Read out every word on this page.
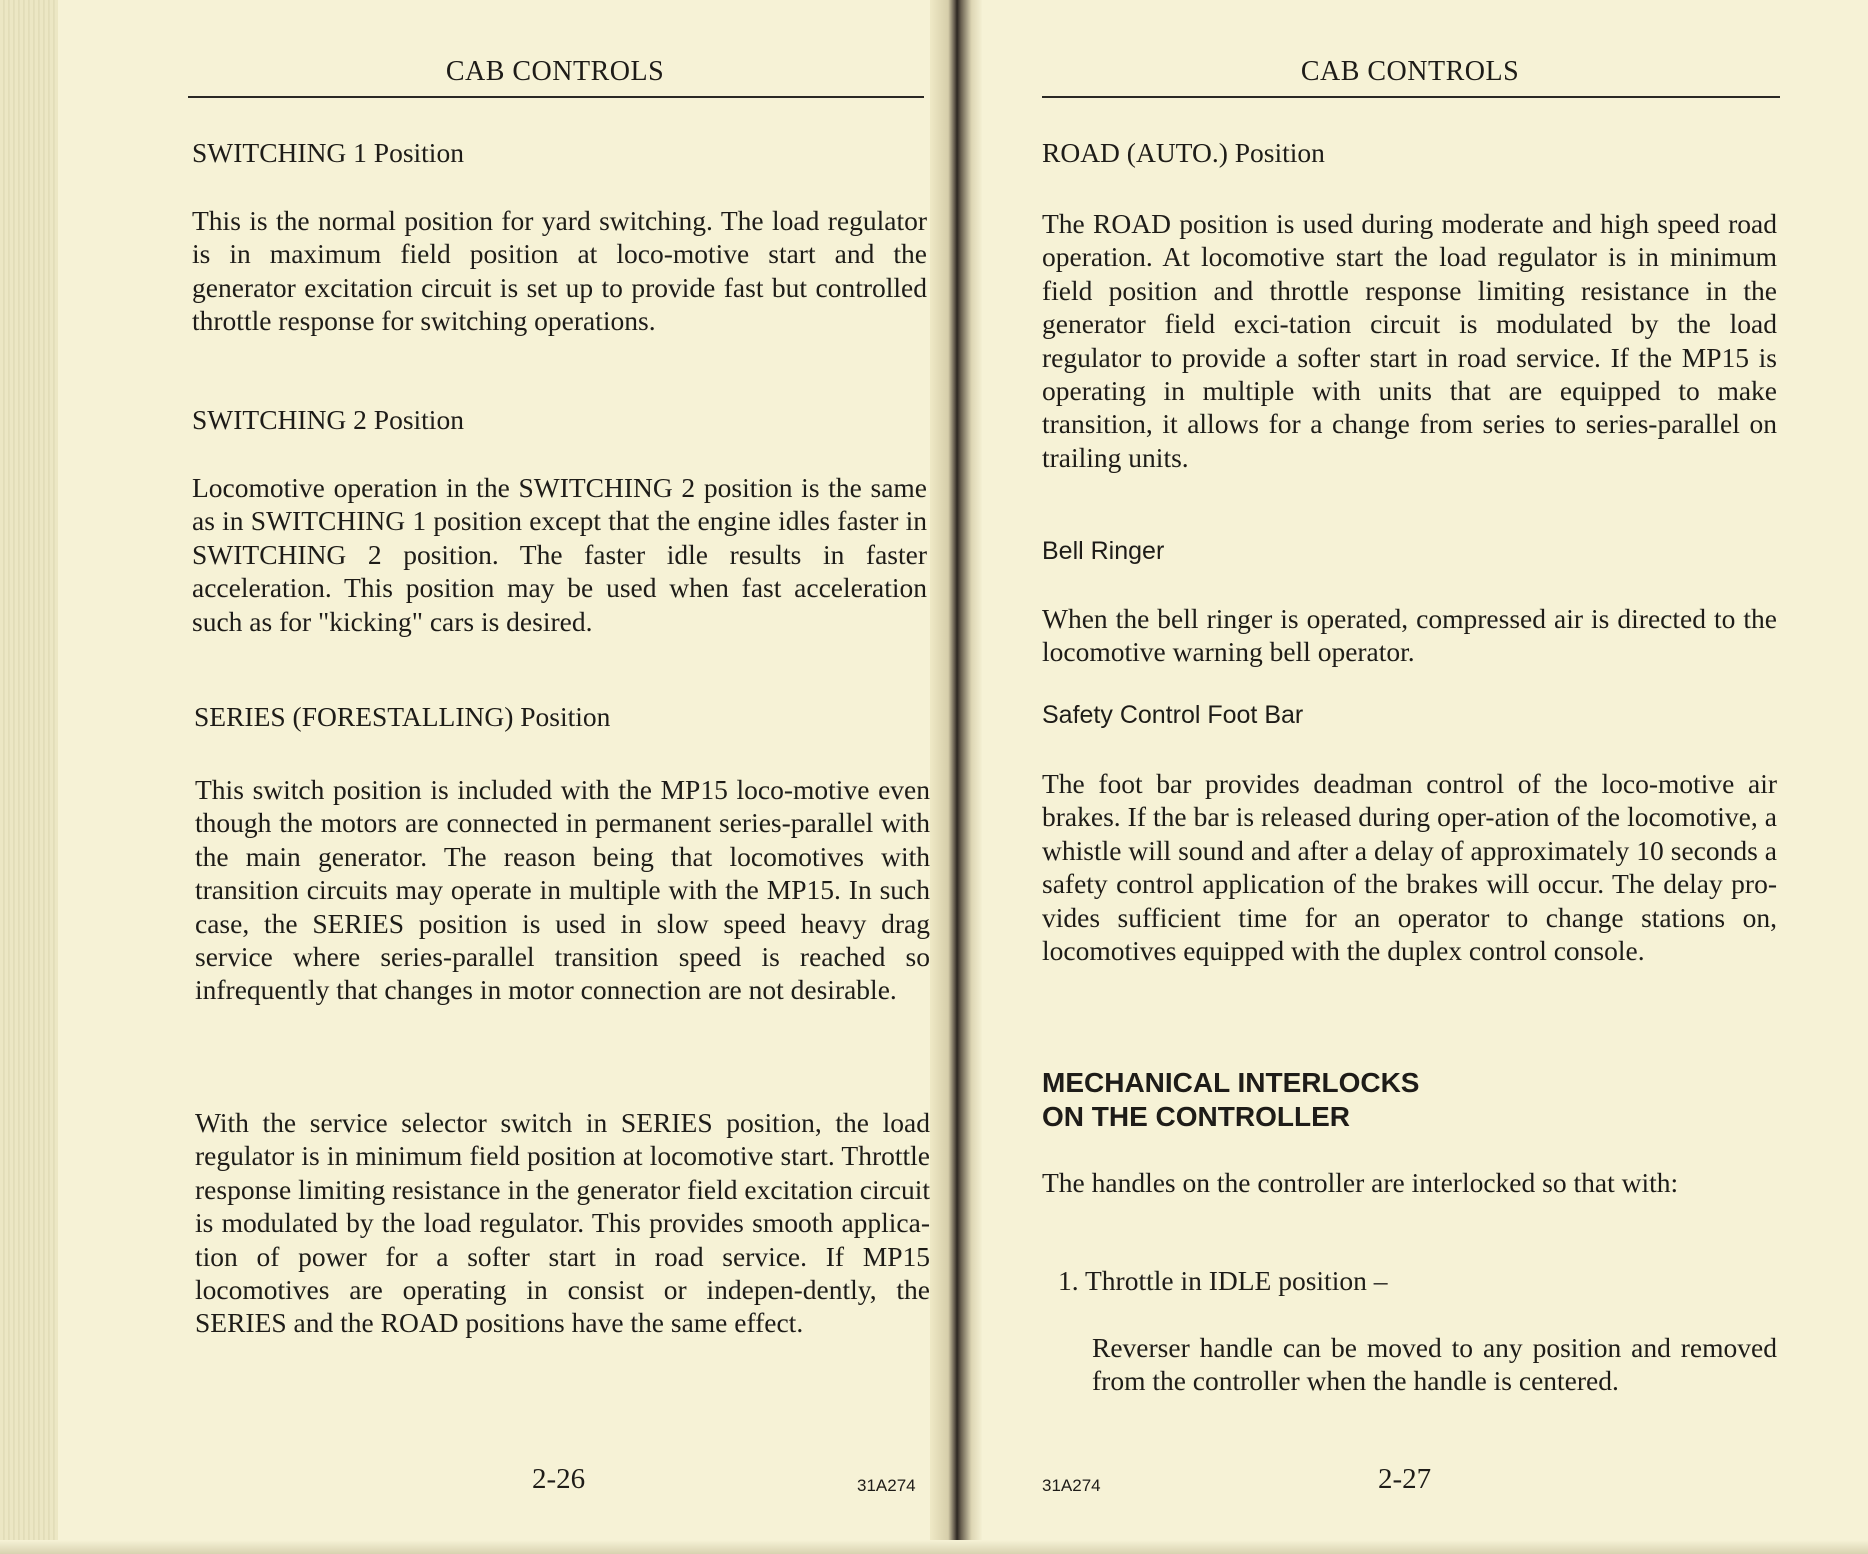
CAB CONTROLS

SWITCHING 1 Position

This is the normal position for yard switching. The load regulator is in maximum field position at loco-motive start and the generator excitation circuit is set up to provide fast but controlled throttle response for switching operations.

SWITCHING 2 Position

Locomotive operation in the SWITCHING 2 position is the same as in SWITCHING 1 position except that the engine idles faster in SWITCHING 2 position. The faster idle results in faster acceleration. This position may be used when fast acceleration such as for "kicking" cars is desired.

SERIES (FORESTALLING) Position

This switch position is included with the MP15 loco-motive even though the motors are connected in permanent series-parallel with the main generator. The reason being that locomotives with transition circuits may operate in multiple with the MP15. In such case, the SERIES position is used in slow speed heavy drag service where series-parallel transition speed is reached so infrequently that changes in motor connection are not desirable.

With the service selector switch in SERIES position, the load regulator is in minimum field position at locomotive start. Throttle response limiting resistance in the generator field excitation circuit is modulated by the load regulator. This provides smooth applica-tion of power for a softer start in road service. If MP15 locomotives are operating in consist or indepen-dently, the SERIES and the ROAD positions have the same effect.

2-26	31A274
CAB CONTROLS

ROAD (AUTO.) Position

The ROAD position is used during moderate and high speed road operation. At locomotive start the load regulator is in minimum field position and throttle response limiting resistance in the generator field exci-tation circuit is modulated by the load regulator to provide a softer start in road service. If the MP15 is operating in multiple with units that are equipped to make transition, it allows for a change from series to series-parallel on trailing units.

Bell Ringer

When the bell ringer is operated, compressed air is directed to the locomotive warning bell operator.

Safety Control Foot Bar

The foot bar provides deadman control of the loco-motive air brakes. If the bar is released during oper-ation of the locomotive, a whistle will sound and after a delay of approximately 10 seconds a safety control application of the brakes will occur. The delay pro-vides sufficient time for an operator to change stations on, locomotives equipped with the duplex control console.

MECHANICAL INTERLOCKS ON THE CONTROLLER

The handles on the controller are interlocked so that with:

1. Throttle in IDLE position –

Reverser handle can be moved to any position and removed from the controller when the handle is centered.

31A274	2-27
